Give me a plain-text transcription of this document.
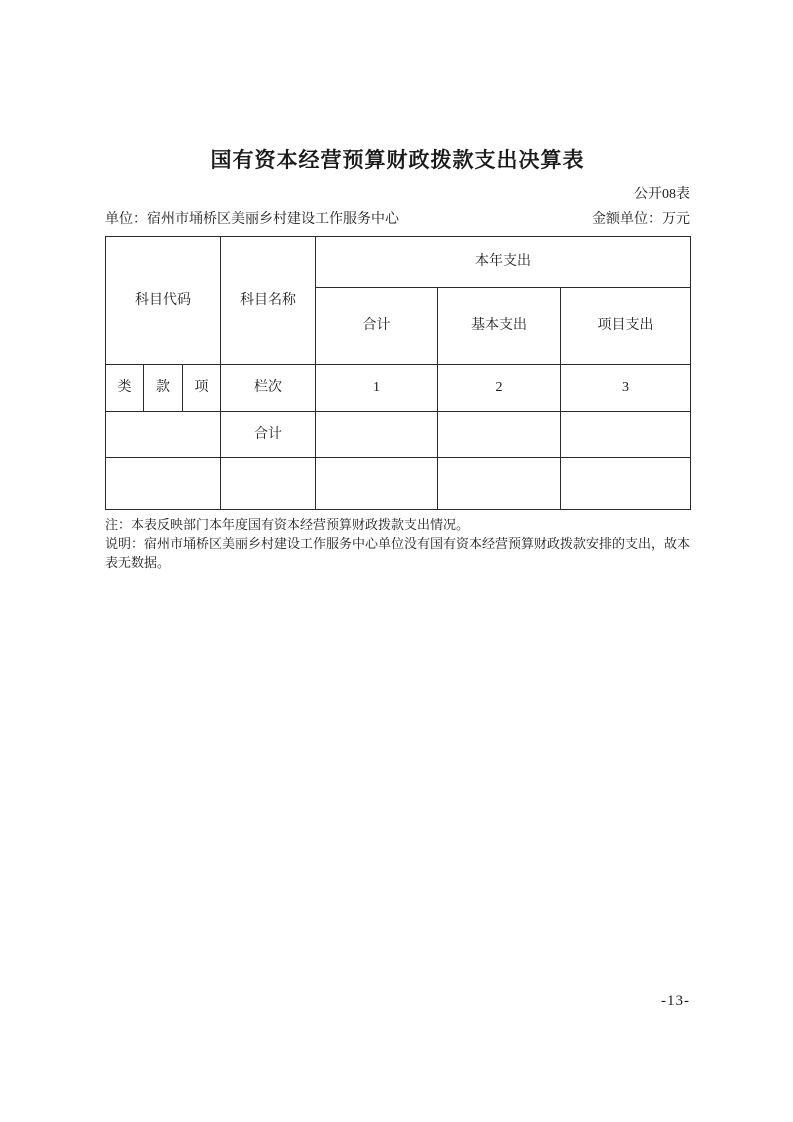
国有资本经营预算财政拨款支出决算表
公开08表
单位：宿州市埇桥区美丽乡村建设工作服务中心	金额单位：万元
科目代码			科目名称	本年支出		
				合计	基本支出	项目支出
类	款	项	栏次	1	2	3
			合计			

注：本表反映部门本年度国有资本经营预算财政拨款支出情况。

说明：宿州市埇桥区美丽乡村建设工作服务中心单位没有国有资本经营预算财政拨款安排的支出，故本表无数据。

-13-
